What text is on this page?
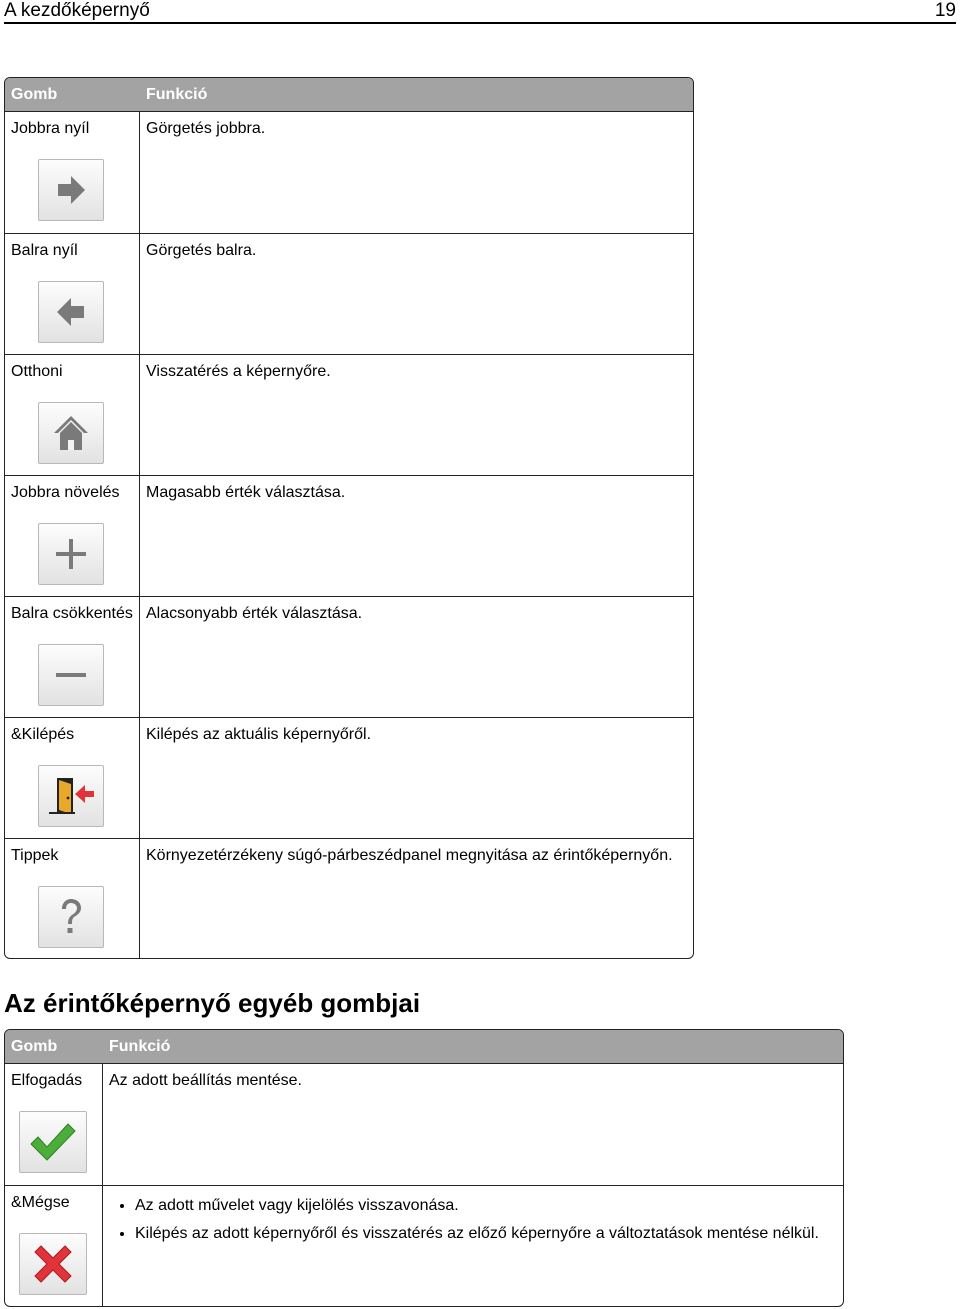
A kezdőképernyő	19
Gomb	Funkció
Jobbra nyíl	Görgetés jobbra.
Balra nyíl	Görgetés balra.
Otthoni	Visszatérés a képernyőre.
Jobbra növelés	Magasabb érték választása.
Balra csökkentés Alacsonyabb érték választása.
&Kilépés	Kilépés az aktuális képernyőről.
Tippek	Környezetérzékeny súgó-párbeszédpanel megnyitása az érintőképernyőn.
Az érintőképernyő egyéb gombjai
Gomb	Funkció
Elfogadás	Az adott beállítás mentése.
&Mégse
•	Az adott művelet vagy kijelölés visszavonása.
• Kilépés az adott képernyőről és visszatérés az előző képernyőre a változtatások mentése nélkül.
